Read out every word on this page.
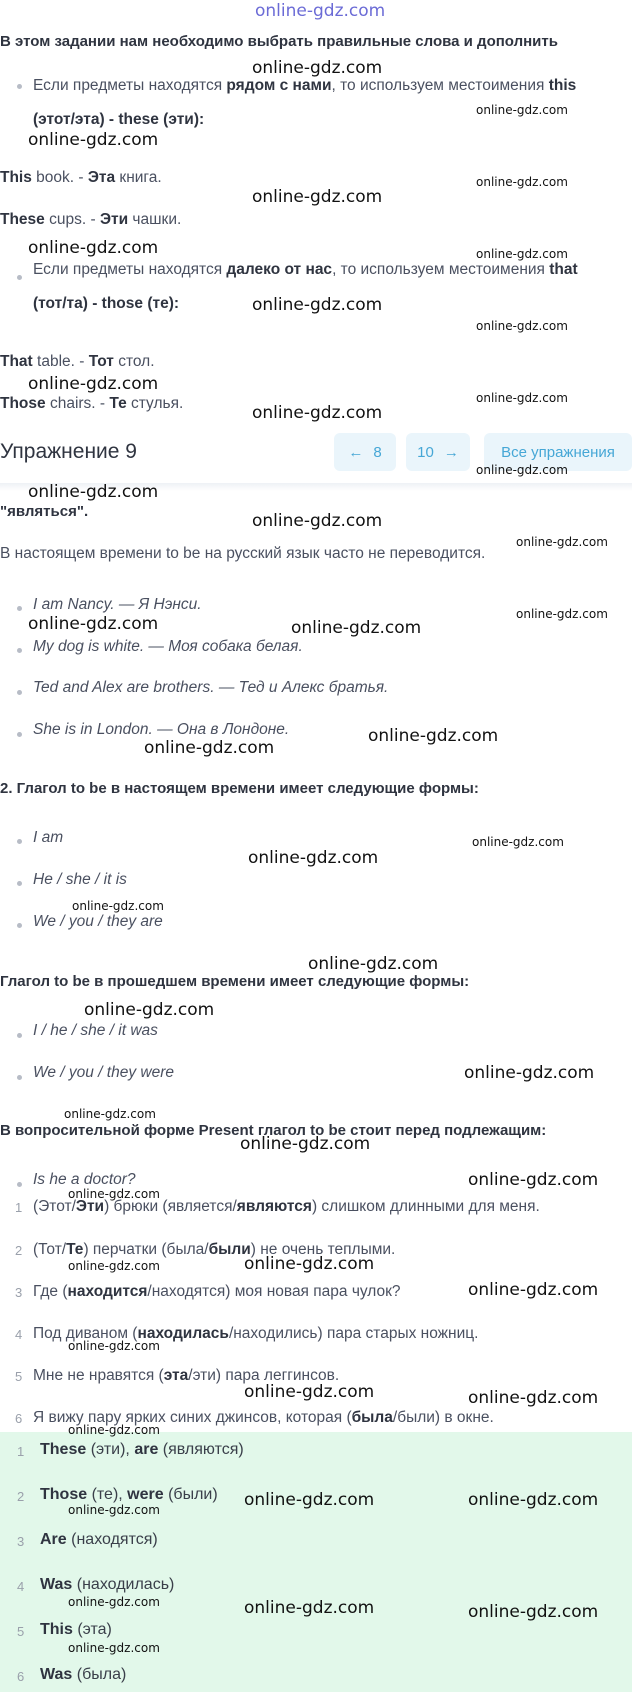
online-gdz.com
В этом задании нам необходимо выбрать правильные слова и дополнить
Если предметы находятся рядом с нами, то используем местоимения this
(этот/эта) - these (эти):
This book. - Эта книга.
These cups. - Эти чашки.
Если предметы находятся далеко от нас, то используем местоимения that
(тот/та) - those (те):
That table. - Тот стол.
Those chairs. - Те стулья.
Упражнение 9	← 8 10 →	Все упражнения
"являться".
В настоящем времени to be на русский язык часто не переводится.
I am Nancy. — Я Нэнси.
My dog is white. — Моя собака белая.
Ted and Alex are brothers. — Тед и Алекс братья.
She is in London. — Она в Лондоне.
2. Глагол to be в настоящем времени имеет следующие формы:
I am
He / she / it is
We / you / they are
Глагол to be в прошедшем времени имеет следующие формы:
I / he / she / it was
We / you / they were
В вопросительной форме Present глагол to be стоит перед подлежащим:
Is he a doctor?
1 (Этот/Эти) брюки (является/являются) слишком длинными для меня.
2 (Тот/Те) перчатки (была/были) не очень теплыми.
3 Где (находится/находятся) моя новая пара чулок?
4 Под диваном (находилась/находились) пара старых ножниц.
5 Мне не нравятся (эта/эти) пара леггинсов.
6 Я вижу пару ярких синих джинсов, которая (была/были) в окне.
1 These (эти), are (являются)
2 Those (те), were (были)
3 Are (находятся)
4 Was (находилась)
5 This (эта)
6 Was (была)
online-gdz.com
online-gdz.com
online-gdz.com
online-gdz.com
online-gdz.com
online-gdz.com	online-gdz.com
online-gdz.com
online-gdz.com
online-gdz.com
online-gdz.com
online-gdz.com
online-gdz.com
online-gdz.com
online-gdz.com
online-gdz.com
online-gdz.com
online-gdz.com	online-gdz.com
online-gdz.com
online-gdz.com
online-gdz.com
online-gdz.com
online-gdz.com
online-gdz.com
online-gdz.com
online-gdz.com
online-gdz.com
online-gdz.com
online-gdz.com
online-gdz.com
online-gdz.com
online-gdz.com
online-gdz.com
online-gdz.com
online-gdz.com	online-gdz.com
online-gdz.com
online-gdz.com	online-gdz.com
online-gdz.com
online-gdz.com	online-gdz.com
online-gdz.com
online-gdz.com
